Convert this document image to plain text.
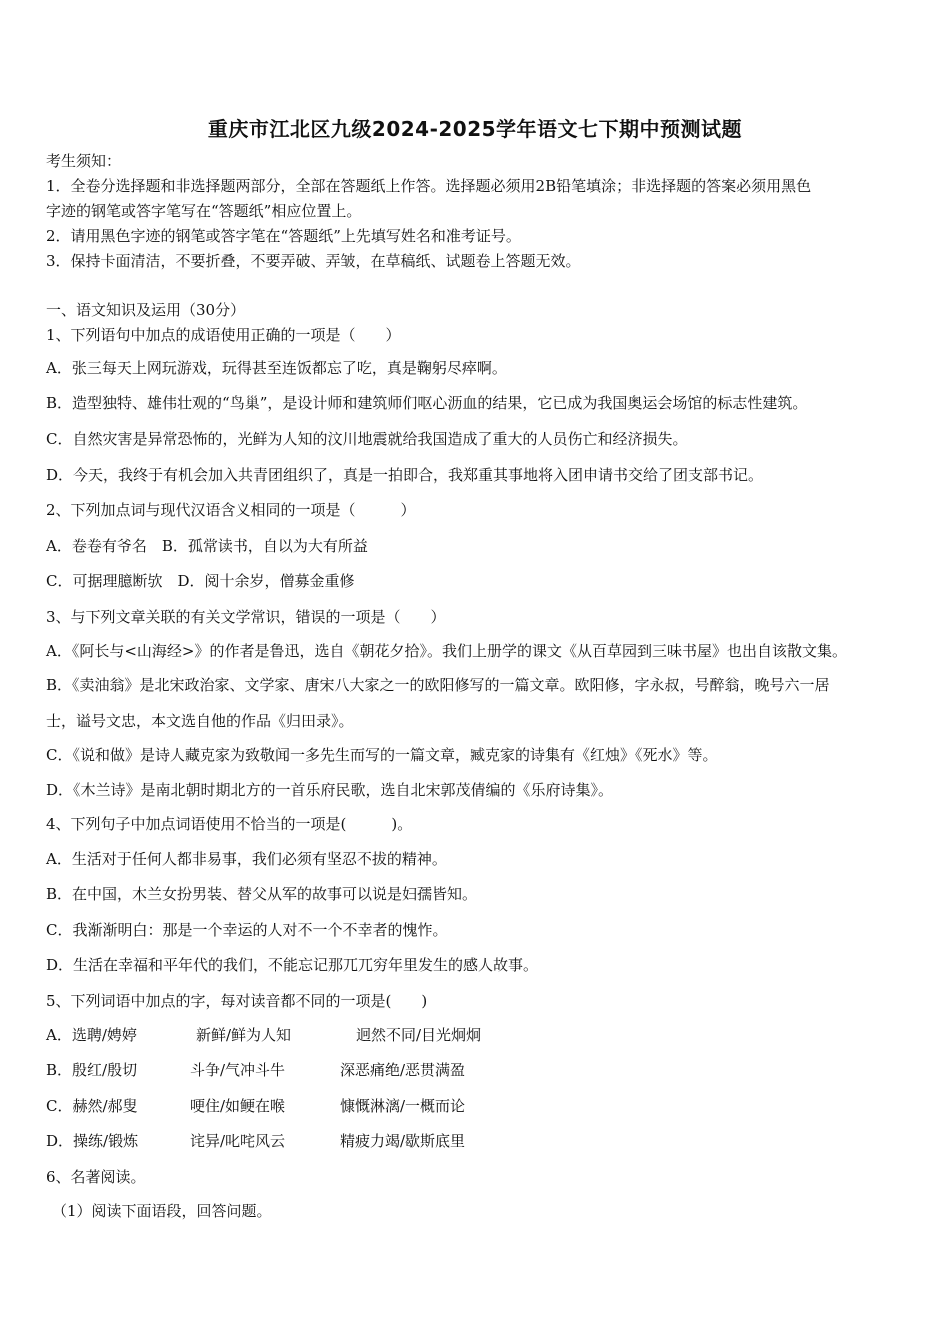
重庆市江北区九级2024-2025学年语文七下期中预测试题
考生须知：
1．全卷分选择题和非选择题两部分，全部在答题纸上作答。选择题必须用2B铅笔填涂；非选择题的答案必须用黑色
字迹的钢笔或答字笔写在“答题纸”相应位置上。
2．请用黑色字迹的钢笔或答字笔在“答题纸”上先填写姓名和准考证号。
3．保持卡面清洁，不要折叠，不要弄破、弄皱，在草稿纸、试题卷上答题无效。
一、语文知识及运用（30分）
1、下列语句中加点的成语使用正确的一项是（　　）
A．张三每天上网玩游戏，玩得甚至连饭都忘了吃，真是鞠躬尽瘁啊。
B．造型独特、雄伟壮观的“鸟巢”，是设计师和建筑师们呕心沥血的结果，它已成为我国奥运会场馆的标志性建筑。
C．自然灾害是异常恐怖的，光鲜为人知的汶川地震就给我国造成了重大的人员伤亡和经济损失。
D．今天，我终于有机会加入共青团组织了，真是一拍即合，我郑重其事地将入团申请书交给了团支部书记。
2、下列加点词与现代汉语含义相同的一项是（　　　）
A．卷卷有爷名　B．孤常读书，自以为大有所益
C．可据理臆断欤　D．阅十余岁，僧募金重修
3、与下列文章关联的有关文学常识，错误的一项是（　　）
A．《阿长与<山海经>》的作者是鲁迅，选自《朝花夕拾》。我们上册学的课文《从百草园到三味书屋》也出自该散文集。
B．《卖油翁》是北宋政治家、文学家、唐宋八大家之一的欧阳修写的一篇文章。欧阳修，字永叔，号醉翁，晚号六一居
士，谥号文忠，本文选自他的作品《归田录》。
C．《说和做》是诗人藏克家为致敬闻一多先生而写的一篇文章，臧克家的诗集有《红烛》《死水》等。
D．《木兰诗》是南北朝时期北方的一首乐府民歌，选自北宋郭茂倩编的《乐府诗集》。
4、下列句子中加点词语使用不恰当的一项是(　　　)。
A．生活对于任何人都非易事，我们必须有坚忍不拔的精神。
B．在中国，木兰女扮男装、替父从军的故事可以说是妇孺皆知。
C．我渐渐明白：那是一个幸运的人对不一个不幸者的愧怍。
D．生活在幸福和平年代的我们，不能忘记那兀兀穷年里发生的感人故事。
5、下列词语中加点的字，每对读音都不同的一项是(　　)
A．选聘/娉婷	新鲜/鲜为人知	迥然不同/目光炯炯
B．殷红/殷切	斗争/气冲斗牛	深恶痛绝/恶贯满盈
C．赫然/郝叟	哽住/如鲠在喉	慷慨淋漓/一概而论
D．操练/锻炼	诧异/叱咤风云	精疲力竭/歇斯底里
6、名著阅读。
（1）阅读下面语段，回答问题。
